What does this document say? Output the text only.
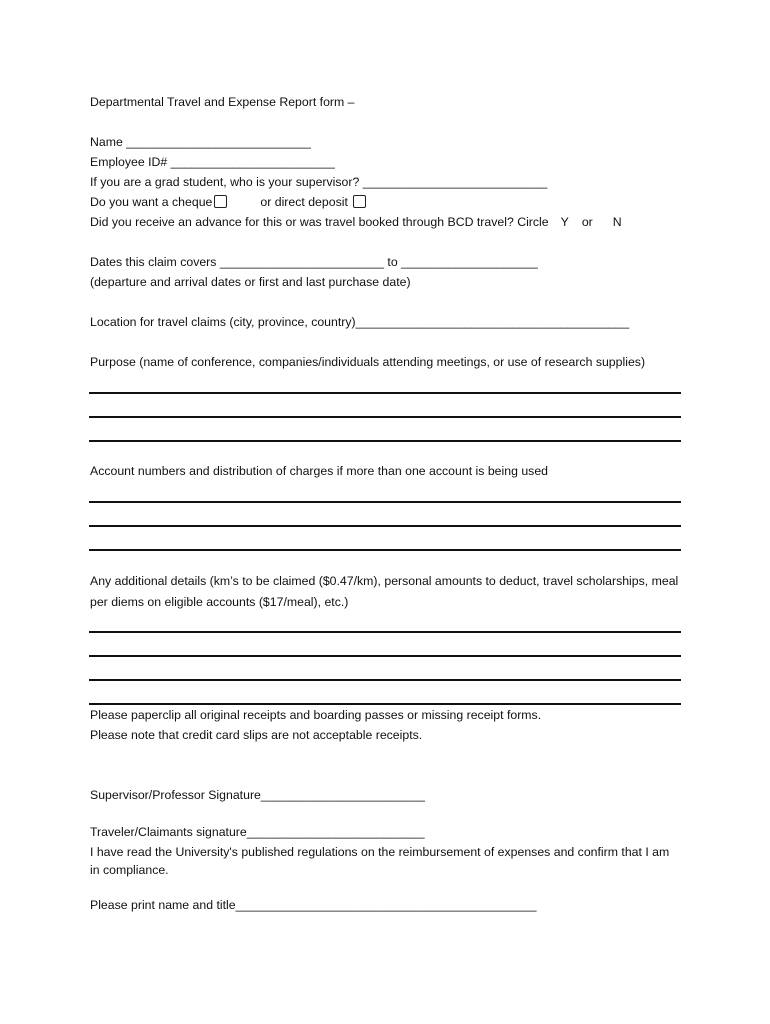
Departmental Travel and Expense Report form –
Name ___________________________
Employee ID# ________________________
If you are a grad student, who is your supervisor? ___________________________
Do you want a cheque	or direct deposit
Did you receive an advance for this or was travel booked through BCD travel? Circle Y or N
Dates this claim covers ________________________ to ____________________
(departure and arrival dates or first and last purchase date)
Location for travel claims (city, province, country)________________________________________
Purpose (name of conference, companies/individuals attending meetings, or use of research supplies)
Account numbers and distribution of charges if more than one account is being used
Any additional details (km’s to be claimed ($0.47/km), personal amounts to deduct, travel scholarships, meal per diems on eligible accounts ($17/meal), etc.)
Please paperclip all original receipts and boarding passes or missing receipt forms.
Please note that credit card slips are not acceptable receipts.
Supervisor/Professor Signature________________________
Traveler/Claimants signature__________________________
I have read the University's published regulations on the reimbursement of expenses and confirm that I am in compliance.
Please print name and title____________________________________________
